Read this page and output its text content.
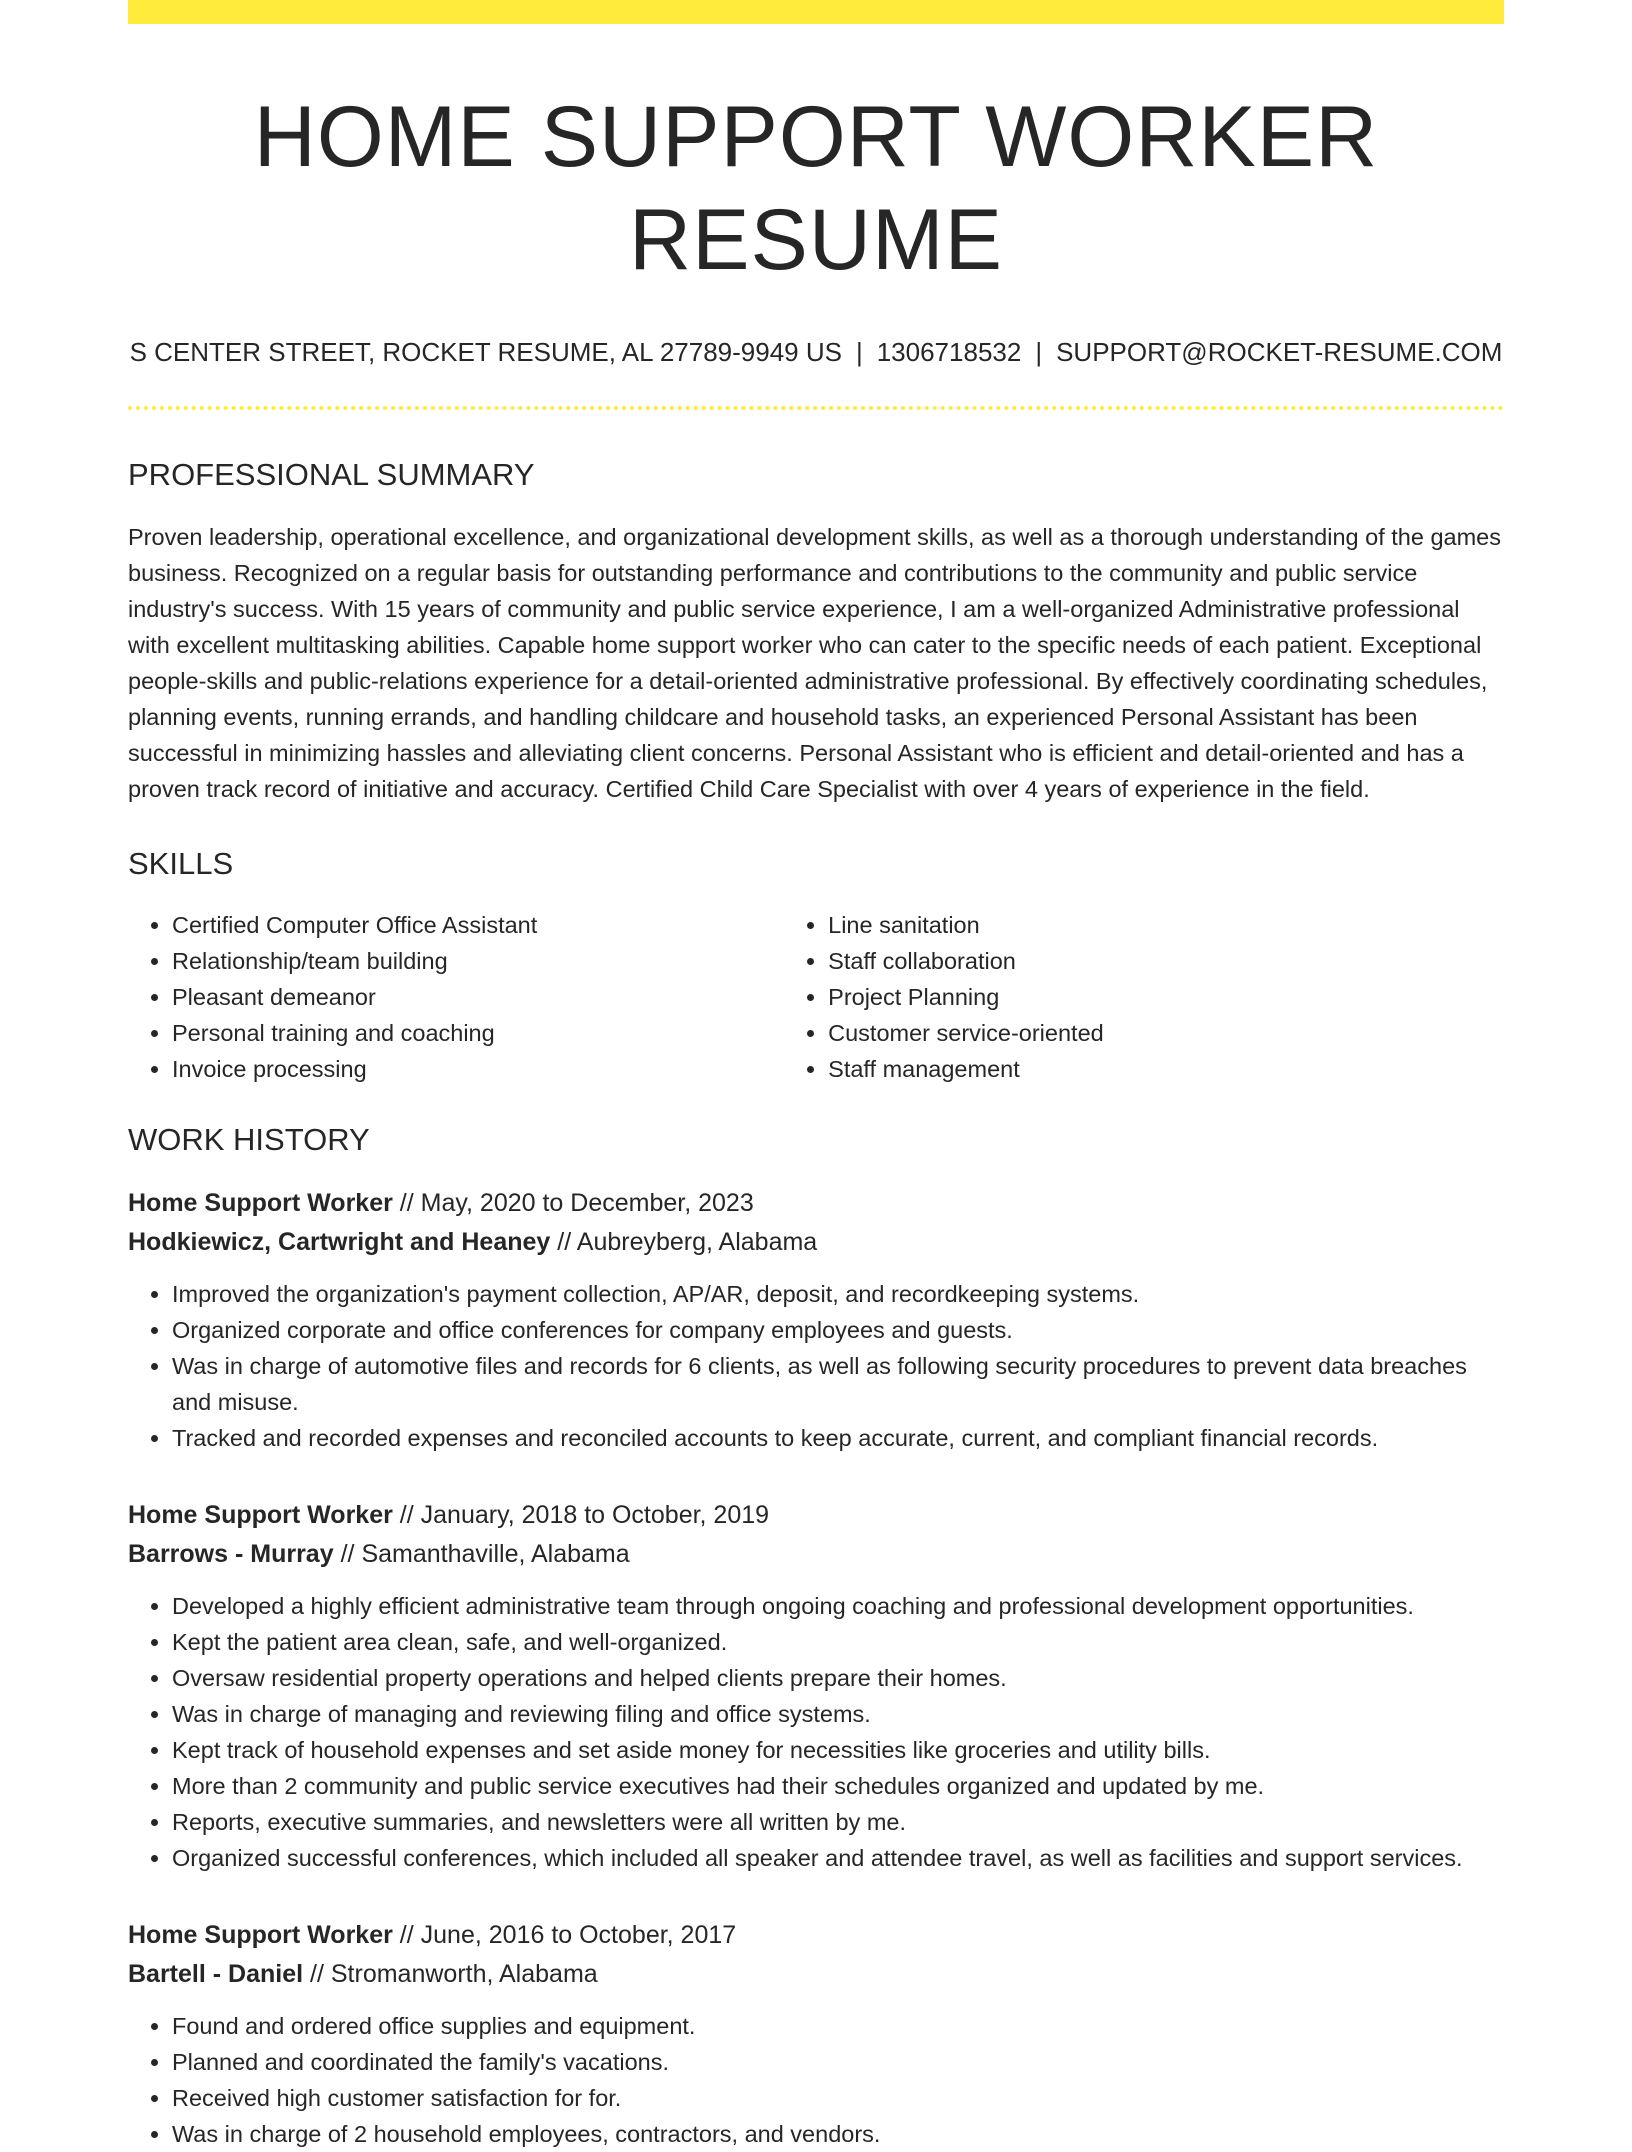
HOME SUPPORT WORKER RESUME
S CENTER STREET, ROCKET RESUME, AL 27789-9949 US | 1306718532 | SUPPORT@ROCKET-RESUME.COM
PROFESSIONAL SUMMARY

Proven leadership, operational excellence, and organizational development skills, as well as a thorough understanding of the games business. Recognized on a regular basis for outstanding performance and contributions to the community and public service industry's success. With 15 years of community and public service experience, I am a well-organized Administrative professional with excellent multitasking abilities. Capable home support worker who can cater to the specific needs of each patient. Exceptional people-skills and public-relations experience for a detail-oriented administrative professional. By effectively coordinating schedules, planning events, running errands, and handling childcare and household tasks, an experienced Personal Assistant has been successful in minimizing hassles and alleviating client concerns. Personal Assistant who is efficient and detail-oriented and has a proven track record of initiative and accuracy. Certified Child Care Specialist with over 4 years of experience in the field.

SKILLS
• Certified Computer Office Assistant
• Relationship/team building
• Pleasant demeanor
• Personal training and coaching
• Invoice processing
• Line sanitation
• Staff collaboration
• Project Planning
• Customer service-oriented
• Staff management
WORK HISTORY
Home Support Worker // May, 2020 to December, 2023
Hodkiewicz, Cartwright and Heaney // Aubreyberg, Alabama
• Improved the organization's payment collection, AP/AR, deposit, and recordkeeping systems.
• Organized corporate and office conferences for company employees and guests.
• Was in charge of automotive files and records for 6 clients, as well as following security procedures to prevent data breaches and misuse.
• Tracked and recorded expenses and reconciled accounts to keep accurate, current, and compliant financial records.
Home Support Worker // January, 2018 to October, 2019
Barrows - Murray // Samanthaville, Alabama
• Developed a highly efficient administrative team through ongoing coaching and professional development opportunities.
• Kept the patient area clean, safe, and well-organized.
• Oversaw residential property operations and helped clients prepare their homes.
• Was in charge of managing and reviewing filing and office systems.
• Kept track of household expenses and set aside money for necessities like groceries and utility bills.
• More than 2 community and public service executives had their schedules organized and updated by me.
• Reports, executive summaries, and newsletters were all written by me.
• Organized successful conferences, which included all speaker and attendee travel, as well as facilities and support services.
Home Support Worker // June, 2016 to October, 2017
Bartell - Daniel // Stromanworth, Alabama
• Found and ordered office supplies and equipment.
• Planned and coordinated the family's vacations.
• Received high customer satisfaction for for.
• Was in charge of 2 household employees, contractors, and vendors.
